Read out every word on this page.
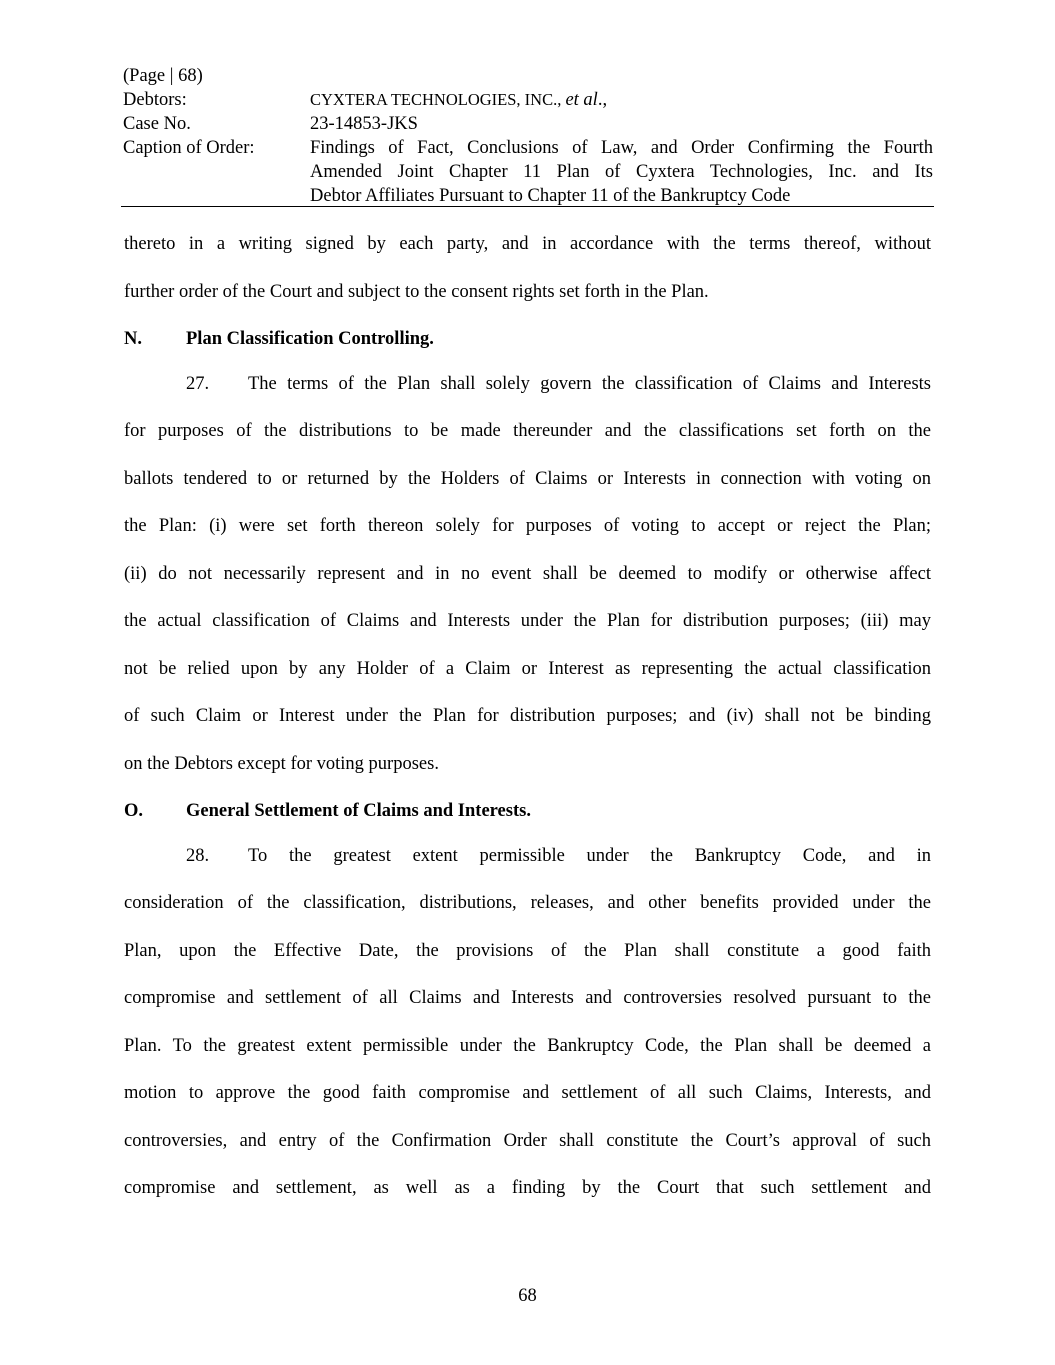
(Page | 68)
Debtors:	CYXTERA TECHNOLOGIES, INC., et al.,
Case No.	23-14853-JKS
Caption of Order:	Findings of Fact, Conclusions of Law, and Order Confirming the Fourth
Amended Joint Chapter 11 Plan of Cyxtera Technologies, Inc. and Its
Debtor Affiliates Pursuant to Chapter 11 of the Bankruptcy Code
thereto in a writing signed by each party, and in accordance with the terms thereof, without
further order of the Court and subject to the consent rights set forth in the Plan.
N.	Plan Classification Controlling.
27.	The terms of the Plan shall solely govern the classification of Claims and Interests
for purposes of the distributions to be made thereunder and the classifications set forth on the
ballots tendered to or returned by the Holders of Claims or Interests in connection with voting on
the Plan: (i) were set forth thereon solely for purposes of voting to accept or reject the Plan;
(ii) do not necessarily represent and in no event shall be deemed to modify or otherwise affect
the actual classification of Claims and Interests under the Plan for distribution purposes; (iii) may
not be relied upon by any Holder of a Claim or Interest as representing the actual classification
of such Claim or Interest under the Plan for distribution purposes; and (iv) shall not be binding
on the Debtors except for voting purposes.
O.	General Settlement of Claims and Interests.
28.	To the greatest extent permissible under the Bankruptcy Code, and in
consideration of the classification, distributions, releases, and other benefits provided under the
Plan, upon the Effective Date, the provisions of the Plan shall constitute a good faith
compromise and settlement of all Claims and Interests and controversies resolved pursuant to the
Plan. To the greatest extent permissible under the Bankruptcy Code, the Plan shall be deemed a
motion to approve the good faith compromise and settlement of all such Claims, Interests, and
controversies, and entry of the Confirmation Order shall constitute the Court’s approval of such
compromise and settlement, as well as a finding by the Court that such settlement and
68
